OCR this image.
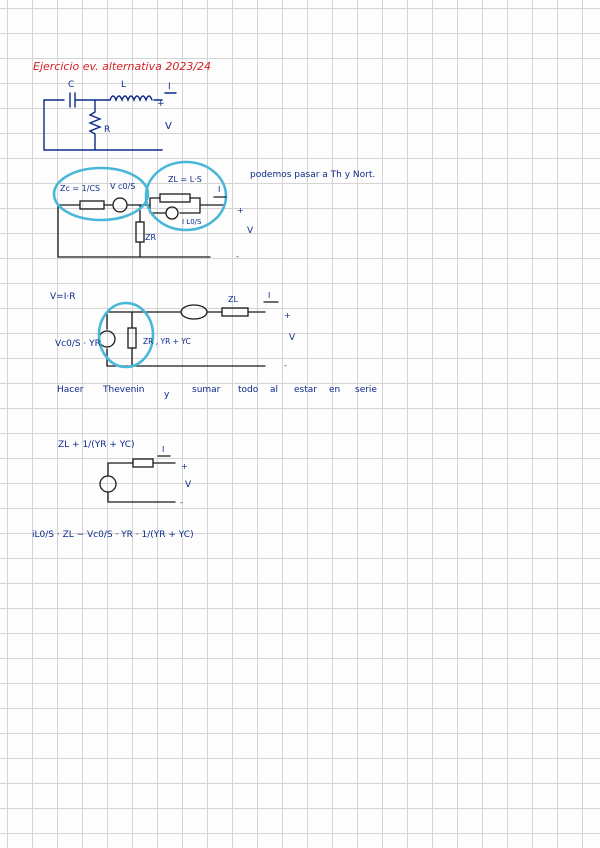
Ejercicio ev. alternativa 2023/24
C	L
R
I
+
V
-
Zc = 1/CS V c0/S
ZL = L·S
I L0/S
ZR
I
+
V
-
podemos pasar a Th y Nort.
V=I·R
Vc0/S · YR	ZR , YR + YC
ZL	I
+
V
-
Hacer Thevenin y	sumar todo al estar en serie
ZL + 1/(YR + YC)	I
+
V
-
iL0/S · ZL − Vc0/S · YR · 1/(YR + YC)
